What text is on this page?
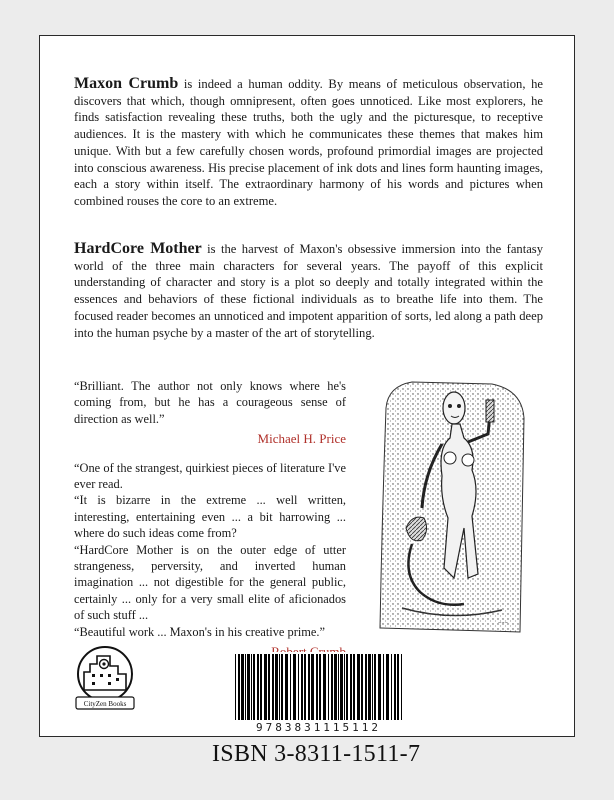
Maxon Crumb is indeed a human oddity. By means of meticulous observation, he discovers that which, though omnipresent, often goes unnoticed. Like most explorers, he finds satisfaction revealing these truths, both the ugly and the picturesque, to receptive audiences. It is the mastery with which he communicates these themes that makes him unique. With but a few carefully chosen words, profound primordial images are projected into conscious awareness. His precise placement of ink dots and lines form haunting images, each a story within itself. The extraordinary harmony of his words and pictures when combined rouses the core to an extreme.

HardCore Mother is the harvest of Maxon's obsessive immersion into the fantasy world of the three main characters for several years. The payoff of this explicit understanding of character and story is a plot so deeply and totally integrated within the essences and behaviors of these fictional individuals as to breathe life into them. The focused reader becomes an unnoticed and impotent apparition of sorts, led along a path deep into the human psyche by a master of the art of storytelling.

“Brilliant. The author not only knows where he's coming from, but he has a courageous sense of direction as well.”

Michael H. Price

“One of the strangest, quirkiest pieces of literature I've ever read.

“It is bizarre in the extreme ... well written, interesting, entertaining even ... a bit harrowing ... where do such ideas come from?

“HardCore Mother is on the outer edge of utter strangeness, perversity, and inverted human imagination ... not digestible for the general public, certainly ... only for a very small elite of aficionados of such stuff ...

“Beautiful work ... Maxon's in his creative prime.”

~~~
CityZen Books
9783831115112
ISBN 3-8311-1511-7
